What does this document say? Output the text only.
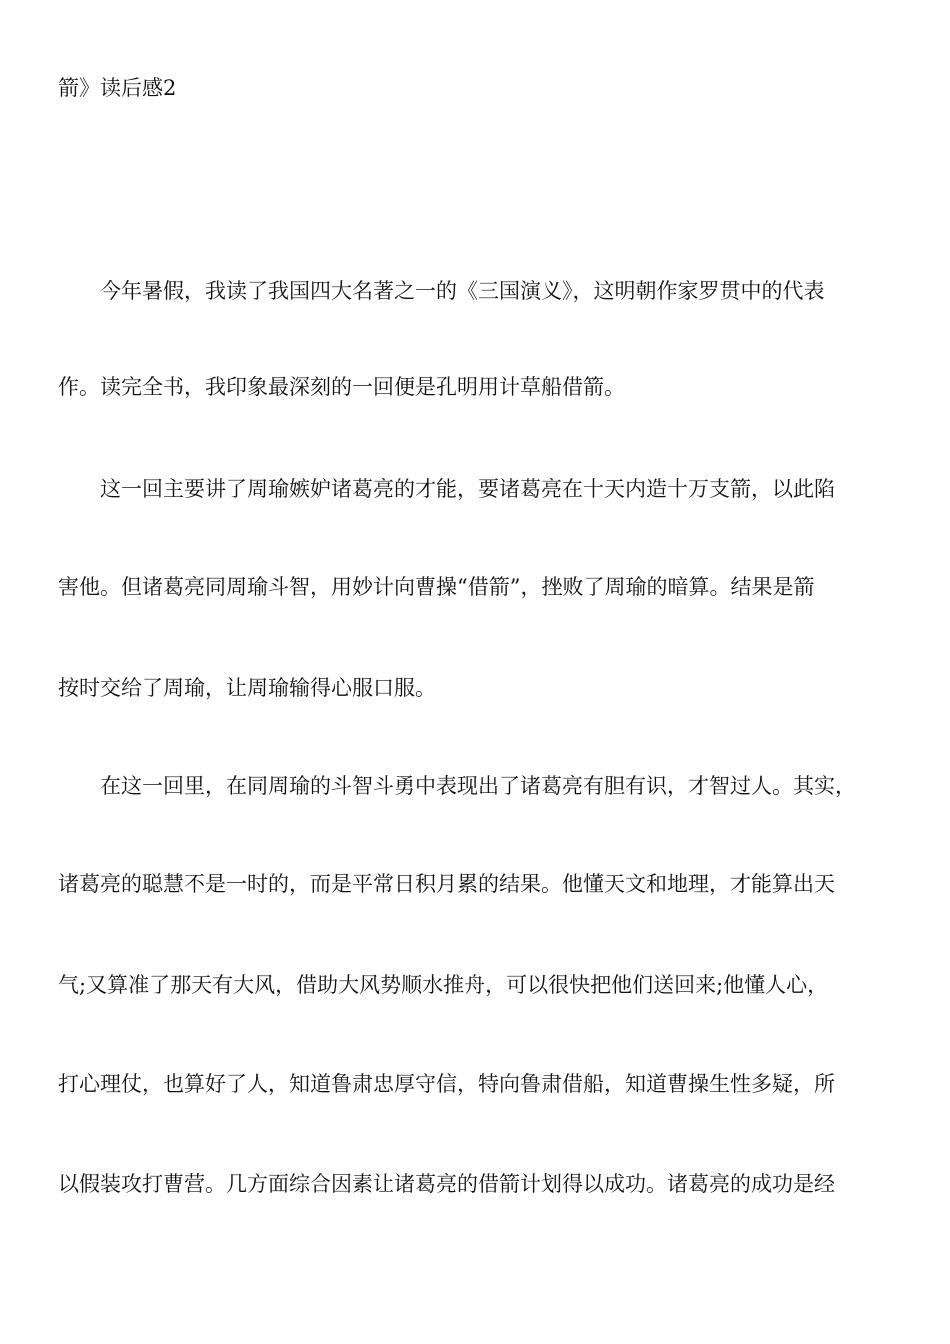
箭》读后感2
　　今年暑假，我读了我国四大名著之一的《三国演义》，这明朝作家罗贯中的代表
作。读完全书，我印象最深刻的一回便是孔明用计草船借箭。
　　这一回主要讲了周瑜嫉妒诸葛亮的才能，要诸葛亮在十天内造十万支箭，以此陷
害他。但诸葛亮同周瑜斗智，用妙计向曹操“借箭”，挫败了周瑜的暗算。结果是箭
按时交给了周瑜，让周瑜输得心服口服。
　　在这一回里，在同周瑜的斗智斗勇中表现出了诸葛亮有胆有识，才智过人。其实，
诸葛亮的聪慧不是一时的，而是平常日积月累的结果。他懂天文和地理，才能算出天
气;又算准了那天有大风，借助大风势顺水推舟，可以很快把他们送回来;他懂人心，
打心理仗，也算好了人，知道鲁肃忠厚守信，特向鲁肃借船，知道曹操生性多疑，所
以假装攻打曹营。几方面综合因素让诸葛亮的借箭计划得以成功。诸葛亮的成功是经
